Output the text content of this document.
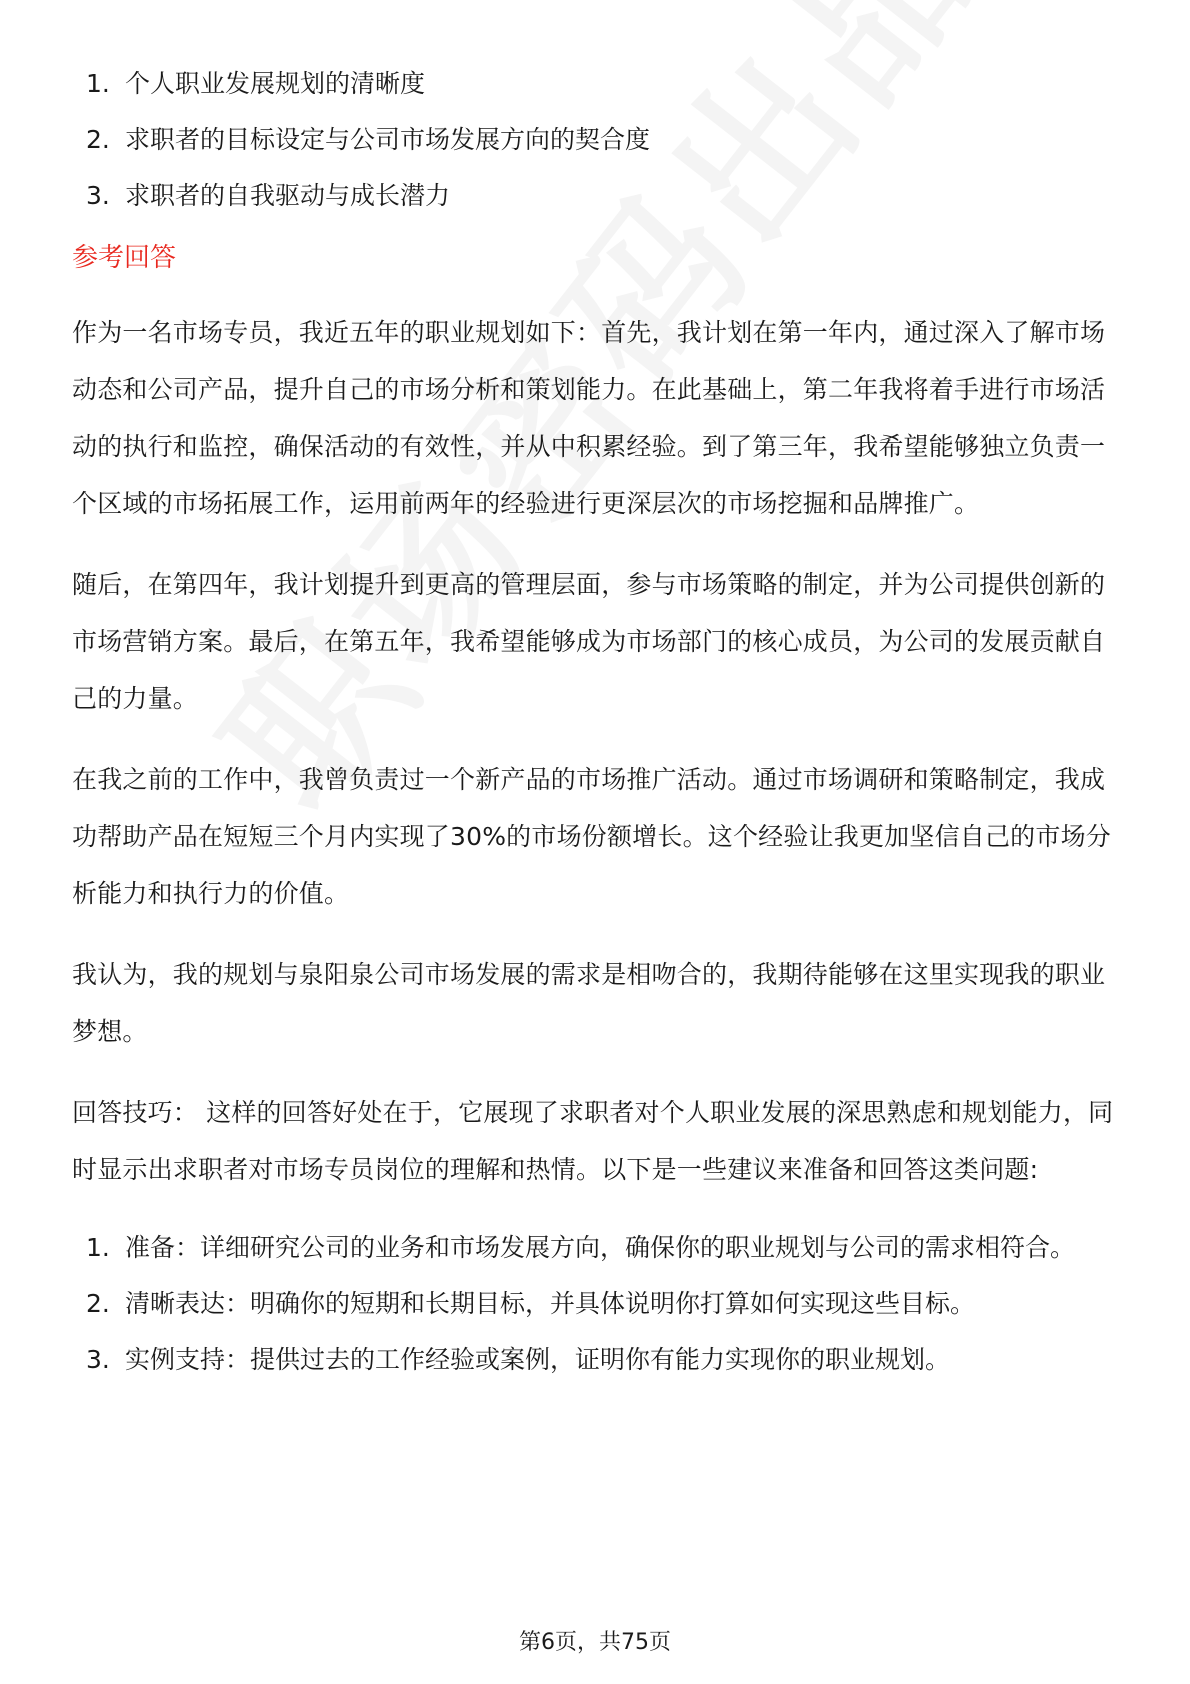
1. 个人职业发展规划的清晰度
2. 求职者的目标设定与公司市场发展方向的契合度
3. 求职者的自我驱动与成长潜力
参考回答

作为一名市场专员，我近五年的职业规划如下：首先，我计划在第一年内，通过深入了解市场动态和公司产品，提升自己的市场分析和策划能力。在此基础上，第二年我将着手进行市场活动的执行和监控，确保活动的有效性，并从中积累经验。到了第三年，我希望能够独立负责一个区域的市场拓展工作，运用前两年的经验进行更深层次的市场挖掘和品牌推广。

随后，在第四年，我计划提升到更高的管理层面，参与市场策略的制定，并为公司提供创新的市场营销方案。最后，在第五年，我希望能够成为市场部门的核心成员，为公司的发展贡献自己的力量。

在我之前的工作中，我曾负责过一个新产品的市场推广活动。通过市场调研和策略制定，我成功帮助产品在短短三个月内实现了30%的市场份额增长。这个经验让我更加坚信自己的市场分析能力和执行力的价值。

我认为，我的规划与泉阳泉公司市场发展的需求是相吻合的，我期待能够在这里实现我的职业梦想。

回答技巧： 这样的回答好处在于，它展现了求职者对个人职业发展的深思熟虑和规划能力，同时显示出求职者对市场专员岗位的理解和热情。以下是一些建议来准备和回答这类问题:

1. 准备：详细研究公司的业务和市场发展方向，确保你的职业规划与公司的需求相符合。
2. 清晰表达：明确你的短期和长期目标，并具体说明你打算如何实现这些目标。
3. 实例支持：提供过去的工作经验或案例，证明你有能力实现你的职业规划。
第6页，共75页
